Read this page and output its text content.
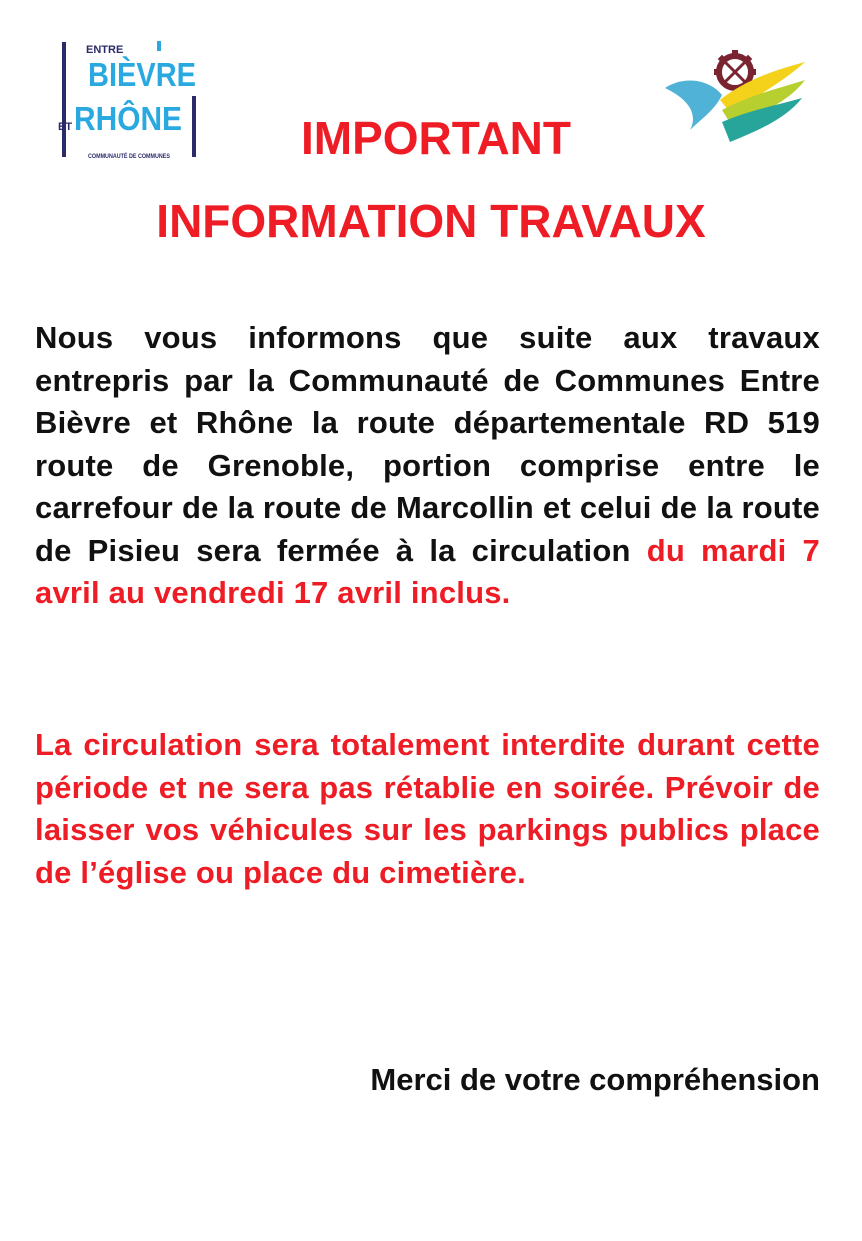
ENTRE
BIÈVRE
ET RHÔNE
COMMUNAUTÉ DE COMMUNES	IMPORTANT
INFORMATION TRAVAUX
Nous vous informons que suite aux travaux entrepris par la Communauté de Communes Entre Bièvre et Rhône la route départementale RD 519 route de Grenoble, portion comprise entre le carrefour de la route de Marcollin et celui de la route de Pisieu sera fermée à la circulation du mardi 7 avril au vendredi 17 avril inclus.
La circulation sera totalement interdite durant cette période et ne sera pas rétablie en soirée. Prévoir de laisser vos véhicules sur les parkings publics place de l’église ou place du cimetière.
Merci de votre compréhension
